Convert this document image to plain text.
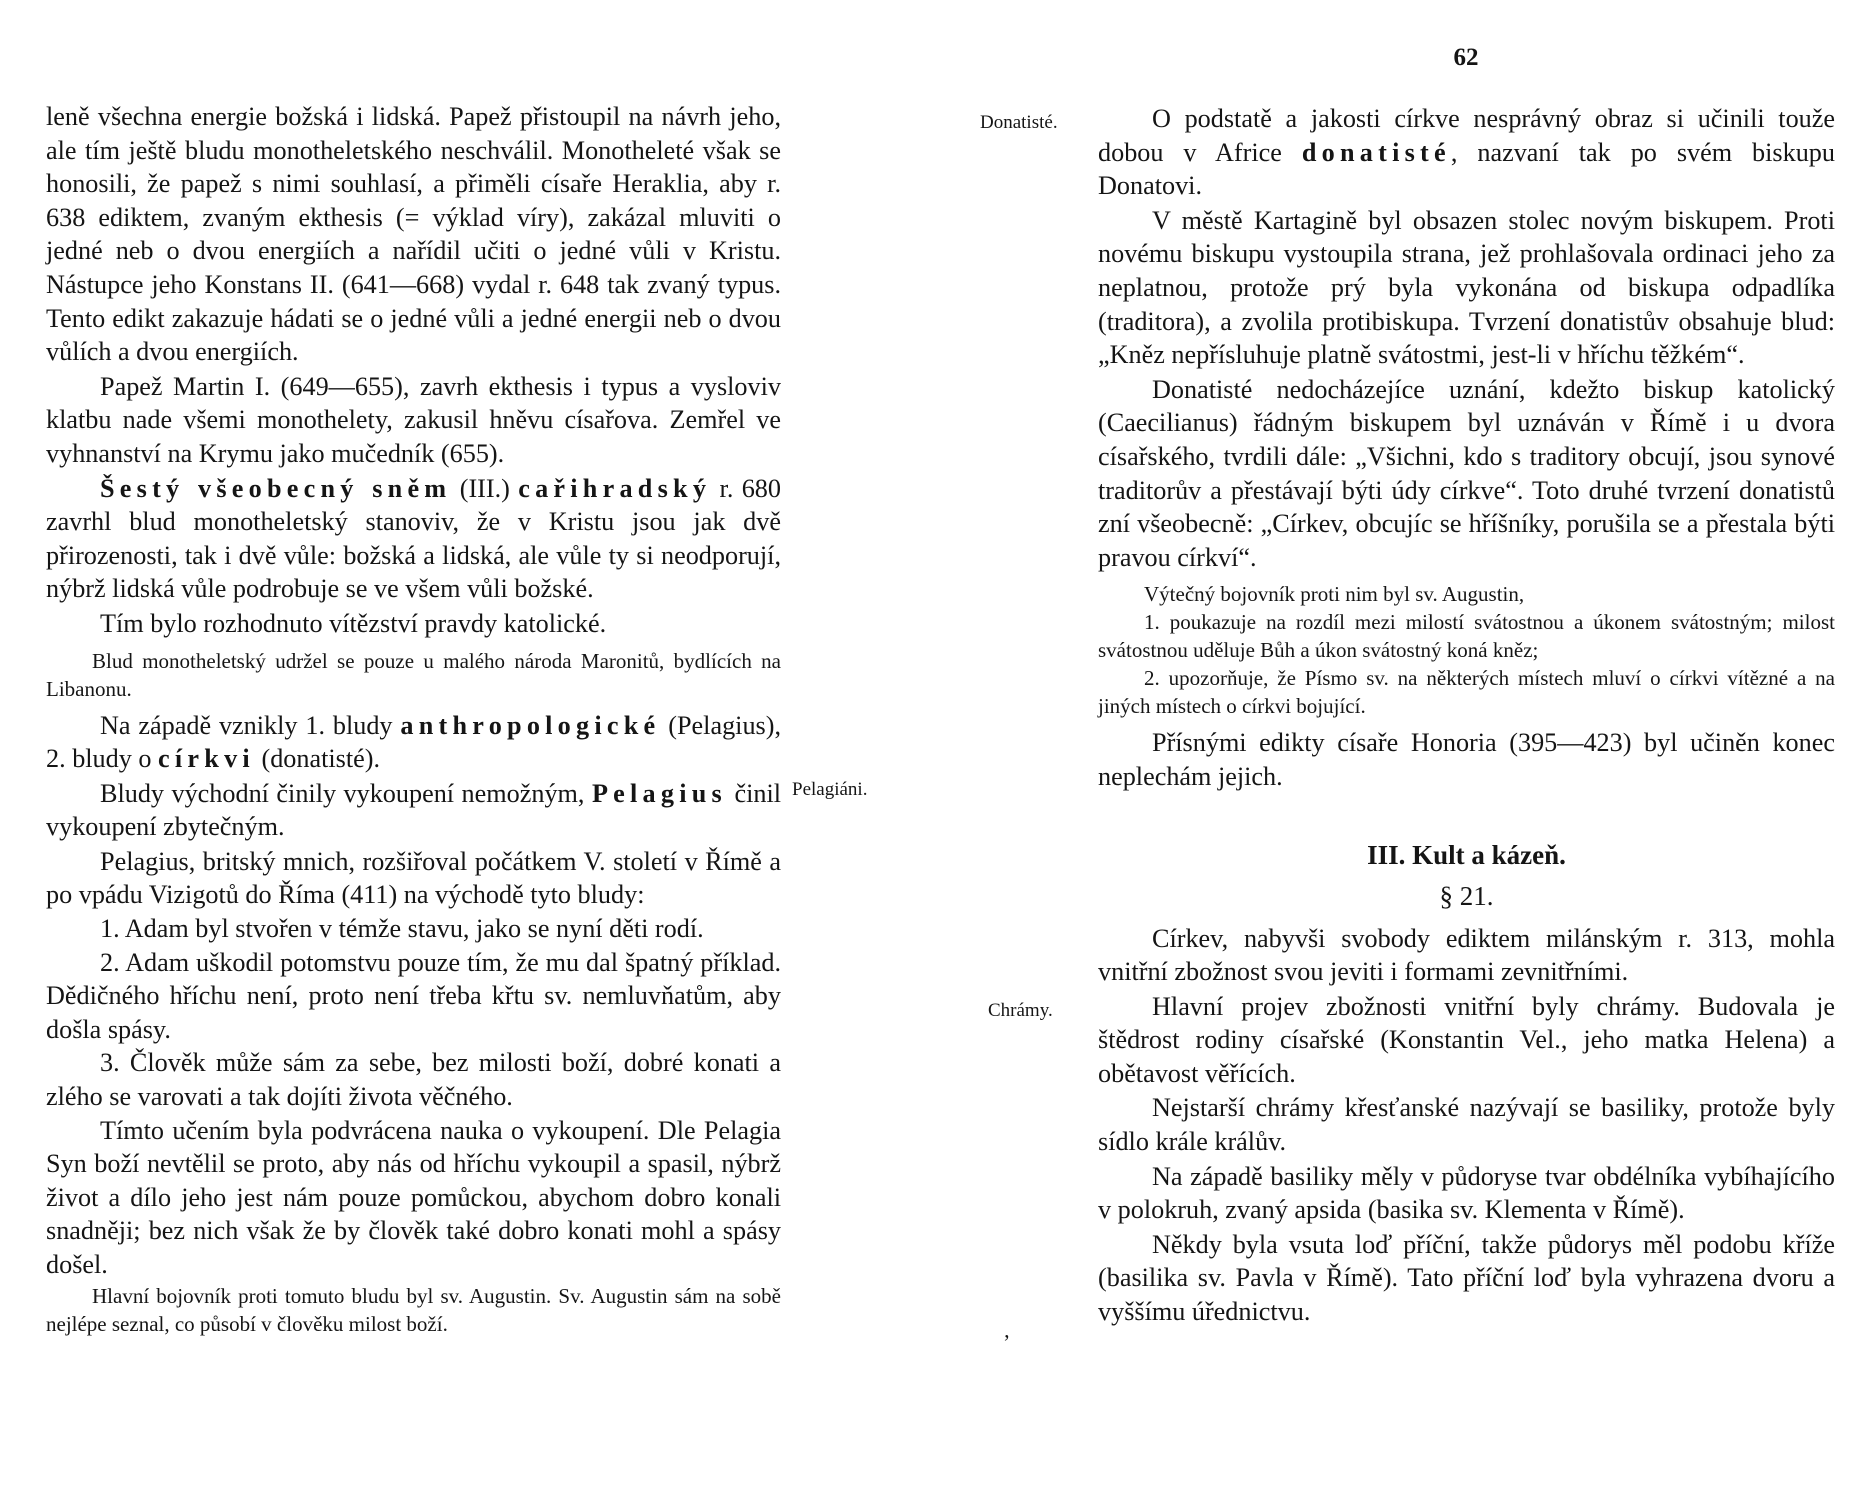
leně všechna energie božská i lidská. Papež přistoupil na návrh jeho, ale tím ještě bludu monotheletského neschválil. Monotheleté však se honosili, že papež s nimi souhlasí, a přiměli císaře Heraklia, aby r. 638 ediktem, zvaným ekthesis (= výklad víry), zakázal mluviti o jedné neb o dvou energiích a nařídil učiti o jedné vůli v Kristu. Nástupce jeho Konstans II. (641—668) vydal r. 648 tak zvaný typus. Tento edikt zakazuje hádati se o jedné vůli a jedné energii neb o dvou vůlích a dvou energiích.

Papež Martin I. (649—655), zavrh ekthesis i typus a vysloviv klatbu nade všemi monothelety, zakusil hněvu císařova. Zemřel ve vyhnanství na Krymu jako mučedník (655).

Šestý všeobecný sněm (III.) cařihradský r. 680 zavrhl blud monotheletský stanoviv, že v Kristu jsou jak dvě přirozenosti, tak i dvě vůle: božská a lidská, ale vůle ty si neodporují, nýbrž lidská vůle podrobuje se ve všem vůli božské.

Tím bylo rozhodnuto vítězství pravdy katolické.

Blud monotheletský udržel se pouze u malého národa Maronitů, bydlících na Libanonu.

Na západě vznikly 1. bludy anthropologické (Pelagius), 2. bludy o církvi (donatisté).

Bludy východní činily vykoupení nemožným, Pelagius činil vykoupení zbytečným.

Pelagius, britský mnich, rozšiřoval počátkem V. století v Římě a po vpádu Vizigotů do Říma (411) na východě tyto bludy:

1. Adam byl stvořen v témže stavu, jako se nyní děti rodí.

2. Adam uškodil potomstvu pouze tím, že mu dal špatný příklad. Dědičného hříchu není, proto není třeba křtu sv. nemluvňatům, aby došla spásy.

3. Člověk může sám za sebe, bez milosti boží, dobré konati a zlého se varovati a tak dojíti života věčného.

Tímto učením byla podvrácena nauka o vykoupení. Dle Pelagia Syn boží nevtělil se proto, aby nás od hříchu vykoupil a spasil, nýbrž život a dílo jeho jest nám pouze pomůckou, abychom dobro konali snadněji; bez nich však že by člověk také dobro konati mohl a spásy došel.

Hlavní bojovník proti tomuto bludu byl sv. Augustin. Sv. Augustin sám na sobě nejlépe seznal, co působí v člověku milost boží.

Pelagiáni.
62
Donatisté.
Chrámy.
ʼ

O podstatě a jakosti církve nesprávný obraz si učinili touže dobou v Africe donatisté, nazvaní tak po svém biskupu Donatovi.

V městě Kartagině byl obsazen stolec novým biskupem. Proti novému biskupu vystoupila strana, jež prohlašovala ordinaci jeho za neplatnou, protože prý byla vykonána od biskupa odpadlíka (traditora), a zvolila protibiskupa. Tvrzení donatistův obsahuje blud: „Kněz nepřísluhuje platně svátostmi, jest-li v hříchu těžkém“.

Donatisté nedocházejíce uznání, kdežto biskup katolický (Caecilianus) řádným biskupem byl uznáván v Římě i u dvora císařského, tvrdili dále: „Všichni, kdo s traditory obcují, jsou synové traditorův a přestávají býti údy církve“. Toto druhé tvrzení donatistů zní všeobecně: „Církev, obcujíc se hříšníky, porušila se a přestala býti pravou církví“.

Výtečný bojovník proti nim byl sv. Augustin,

1. poukazuje na rozdíl mezi milostí svátostnou a úkonem svátostným; milost svátostnou uděluje Bůh a úkon svátostný koná kněz;

2. upozorňuje, že Písmo sv. na některých místech mluví o církvi vítězné a na jiných místech o církvi bojující.

Přísnými edikty císaře Honoria (395—423) byl učiněn konec neplechám jejich.

III. Kult a kázeň.
§ 21.

Církev, nabyvši svobody ediktem milánským r. 313, mohla vnitřní zbožnost svou jeviti i formami zevnitřními.

Hlavní projev zbožnosti vnitřní byly chrámy. Budovala je štědrost rodiny císařské (Konstantin Vel., jeho matka Helena) a obětavost věřících.

Nejstarší chrámy křesťanské nazývají se basiliky, protože byly sídlo krále králův.

Na západě basiliky měly v půdoryse tvar obdélníka vybíhajícího v polokruh, zvaný apsida (basika sv. Klementa v Římě).

Někdy byla vsuta loď příční, takže půdorys měl podobu kříže (basilika sv. Pavla v Římě). Tato příční loď byla vyhrazena dvoru a vyššímu úřednictvu.
